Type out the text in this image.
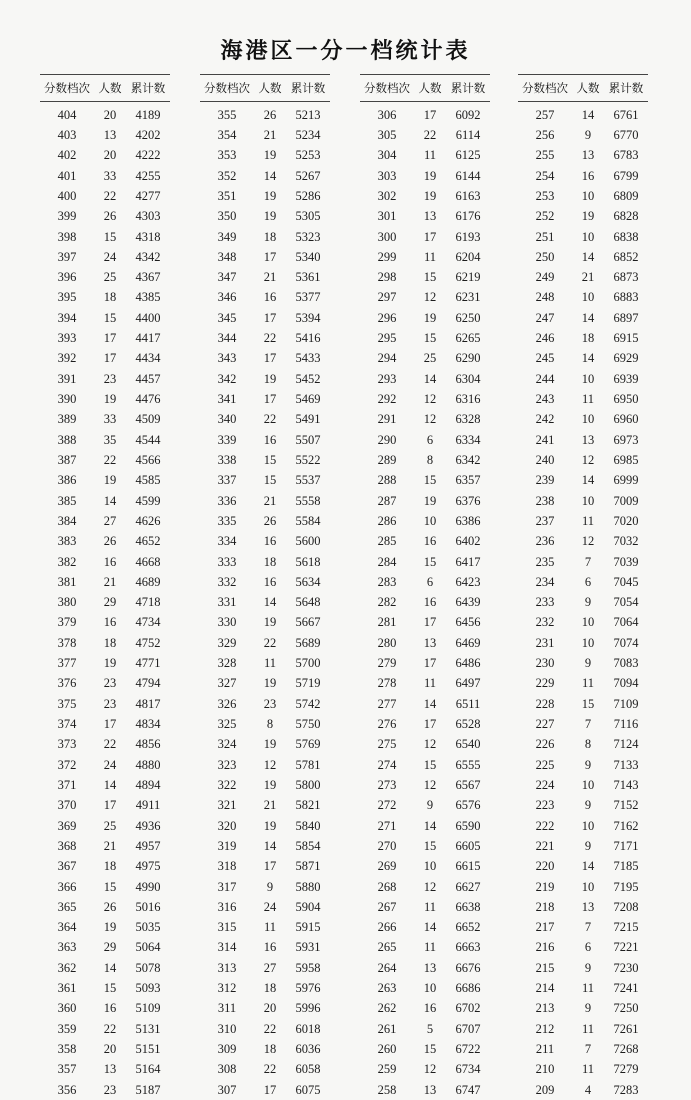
海港区一分一档统计表
分数档次 人数 累计数
404	20	4189
403	13	4202
402	20	4222
401	33	4255
400	22	4277
399	26	4303
398	15	4318
397	24	4342
396	25	4367
395	18	4385
394	15	4400
393	17	4417
392	17	4434
391	23	4457
390	19	4476
389	33	4509
388	35	4544
387	22	4566
386	19	4585
385	14	4599
384	27	4626
383	26	4652
382	16	4668
381	21	4689
380	29	4718
379	16	4734
378	18	4752
377	19	4771
376	23	4794
375	23	4817
374	17	4834
373	22	4856
372	24	4880
371	14	4894
370	17	4911
369	25	4936
368	21	4957
367	18	4975
366	15	4990
365	26	5016
364	19	5035
363	29	5064
362	14	5078
361	15	5093
360	16	5109
359	22	5131
358	20	5151
357	13	5164
356	23	5187
分数档次 人数 累计数
355	26	5213
354	21	5234
353	19	5253
352	14	5267
351	19	5286
350	19	5305
349	18	5323
348	17	5340
347	21	5361
346	16	5377
345	17	5394
344	22	5416
343	17	5433
342	19	5452
341	17	5469
340	22	5491
339	16	5507
338	15	5522
337	15	5537
336	21	5558
335	26	5584
334	16	5600
333	18	5618
332	16	5634
331	14	5648
330	19	5667
329	22	5689
328	11	5700
327	19	5719
326	23	5742
325	8	5750
324	19	5769
323	12	5781
322	19	5800
321	21	5821
320	19	5840
319	14	5854
318	17	5871
317	9	5880
316	24	5904
315	11	5915
314	16	5931
313	27	5958
312	18	5976
311	20	5996
310	22	6018
309	18	6036
308	22	6058
307	17	6075
分数档次 人数 累计数
306	17	6092
305	22	6114
304	11	6125
303	19	6144
302	19	6163
301	13	6176
300	17	6193
299	11	6204
298	15	6219
297	12	6231
296	19	6250
295	15	6265
294	25	6290
293	14	6304
292	12	6316
291	12	6328
290	6	6334
289	8	6342
288	15	6357
287	19	6376
286	10	6386
285	16	6402
284	15	6417
283	6	6423
282	16	6439
281	17	6456
280	13	6469
279	17	6486
278	11	6497
277	14	6511
276	17	6528
275	12	6540
274	15	6555
273	12	6567
272	9	6576
271	14	6590
270	15	6605
269	10	6615
268	12	6627
267	11	6638
266	14	6652
265	11	6663
264	13	6676
263	10	6686
262	16	6702
261	5	6707
260	15	6722
259	12	6734
258	13	6747
分数档次 人数 累计数
257	14	6761
256	9	6770
255	13	6783
254	16	6799
253	10	6809
252	19	6828
251	10	6838
250	14	6852
249	21	6873
248	10	6883
247	14	6897
246	18	6915
245	14	6929
244	10	6939
243	11	6950
242	10	6960
241	13	6973
240	12	6985
239	14	6999
238	10	7009
237	11	7020
236	12	7032
235	7	7039
234	6	7045
233	9	7054
232	10	7064
231	10	7074
230	9	7083
229	11	7094
228	15	7109
227	7	7116
226	8	7124
225	9	7133
224	10	7143
223	9	7152
222	10	7162
221	9	7171
220	14	7185
219	10	7195
218	13	7208
217	7	7215
216	6	7221
215	9	7230
214	11	7241
213	9	7250
212	11	7261
211	7	7268
210	11	7279
209	4	7283
